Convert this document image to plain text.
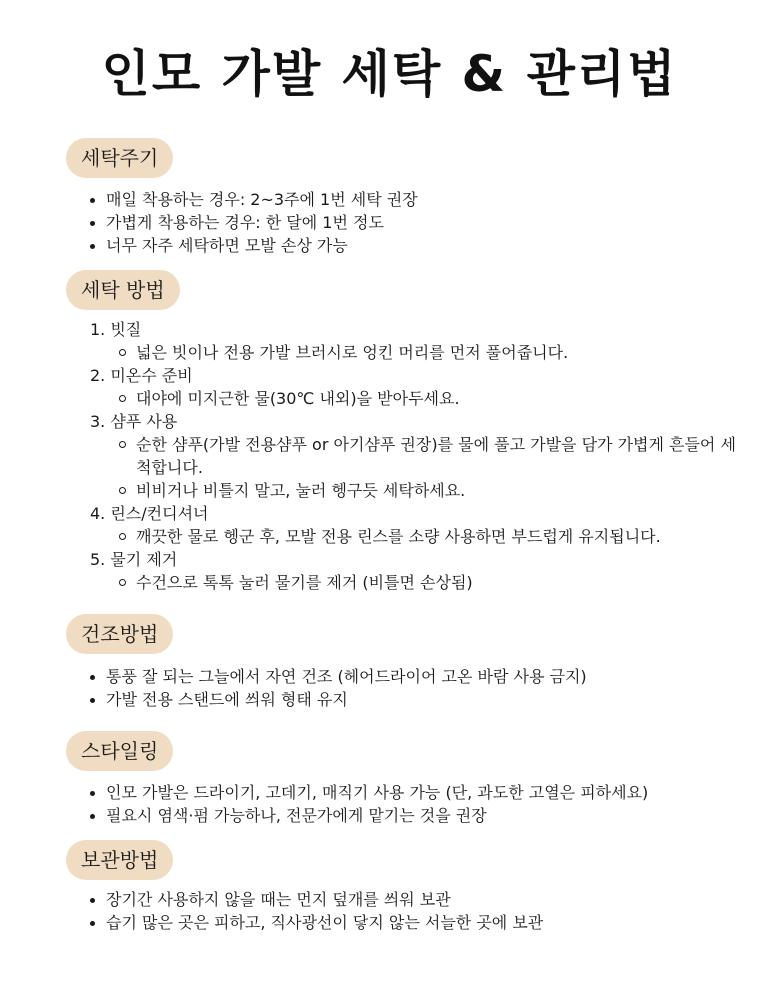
인모 가발 세탁 & 관리법
세탁주기
매일 착용하는 경우: 2~3주에 1번 세탁 권장
가볍게 착용하는 경우: 한 달에 1번 정도
너무 자주 세탁하면 모발 손상 가능
세탁 방법
1. 빗질
넓은 빗이나 전용 가발 브러시로 엉킨 머리를 먼저 풀어줍니다.
2. 미온수 준비
대야에 미지근한 물(30℃ 내외)을 받아두세요.
3. 샴푸 사용
순한 샴푸(가발 전용샴푸 or 아기샴푸 권장)를 물에 풀고 가발을 담가 가볍게 흔들어 세척합니다.
비비거나 비틀지 말고, 눌러 헹구듯 세탁하세요.
4. 린스/컨디셔너
깨끗한 물로 헹군 후, 모발 전용 린스를 소량 사용하면 부드럽게 유지됩니다.
5. 물기 제거
수건으로 톡톡 눌러 물기를 제거 (비틀면 손상됨)
건조방법
통풍 잘 되는 그늘에서 자연 건조 (헤어드라이어 고온 바람 사용 금지)
가발 전용 스탠드에 씌워 형태 유지
스타일링
인모 가발은 드라이기, 고데기, 매직기 사용 가능 (단, 과도한 고열은 피하세요)
필요시 염색·펌 가능하나, 전문가에게 맡기는 것을 권장
보관방법
장기간 사용하지 않을 때는 먼지 덮개를 씌워 보관
습기 많은 곳은 피하고, 직사광선이 닿지 않는 서늘한 곳에 보관
